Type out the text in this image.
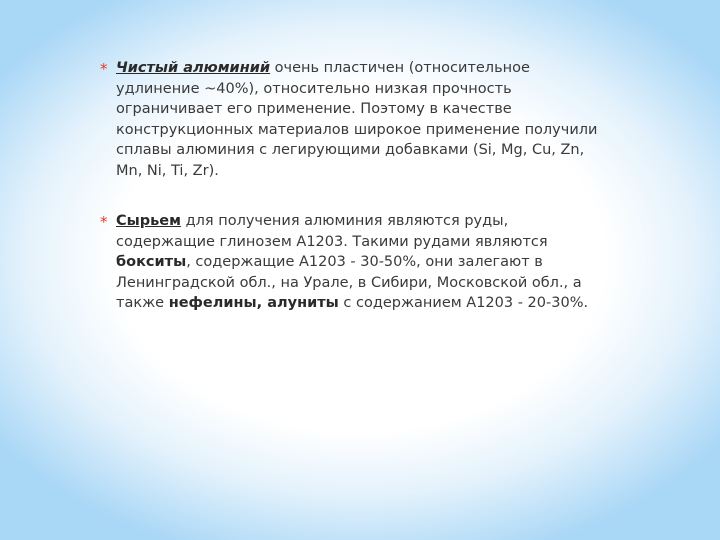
* Чистый алюминий очень пластичен (относительное удлинение ~40%), относительно низкая прочность ограничивает его применение. Поэтому в качестве конструкционных материалов широкое применение получили сплавы алюминия с легирующими добавками (Si, Mg, Cu, Zn, Mn, Ni, Ti, Zr).
* Сырьем для получения алюминия являются руды, содержащие глинозем А1203. Такими рудами являются бокситы, содержащие А1203 - 30-50%, они залегают в Ленинградской обл., на Урале, в Сибири, Московской обл., а также нефелины, алуниты с содержанием А1203 - 20-30%.
